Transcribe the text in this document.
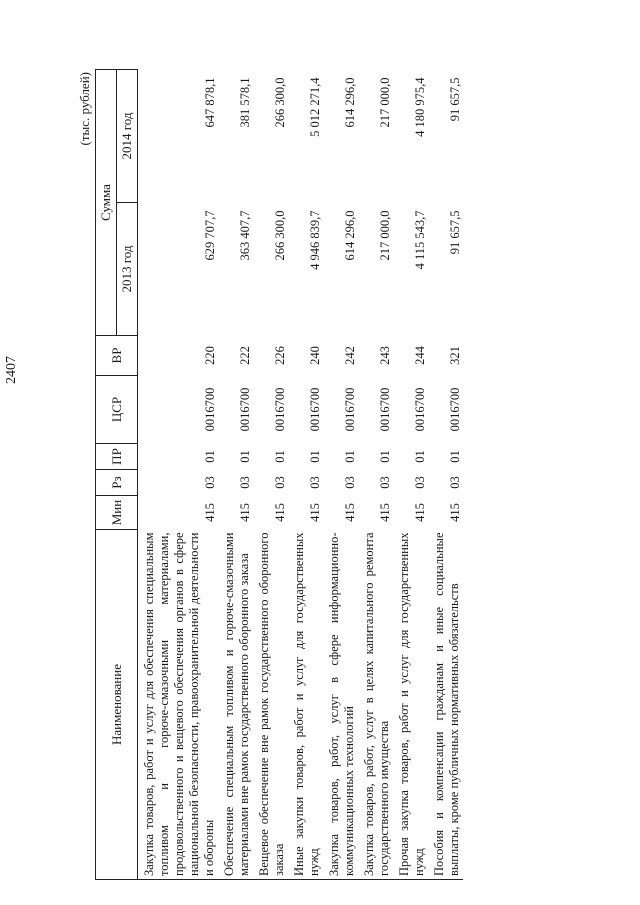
2407
(тыс. рублей)
Наименование	Мин	Рз	ПР	ЦСР	ВР	Сумма	
						2013 год	2014 год
Закупка товаров, работ и услуг для обеспечения специальным топливом и горюче-смазочными материалами, продовольственного и вещевого обеспечения органов в сфере национальной безопасности, правоохранительной деятельности и обороны	415	03	01	0016700	220	629 707,7	647 878,1
Обеспечение специальным топливом и горюче-смазочными материалами вне рамок государственного оборонного заказа	415	03	01	0016700	222	363 407,7	381 578,1
Вещевое обеспечение вне рамок государственного оборонного заказа	415	03	01	0016700	226	266 300,0	266 300,0
Иные закупки товаров, работ и услуг для государственных нужд	415	03	01	0016700	240	4 946 839,7	5 012 271,4
Закупка товаров, работ, услуг в сфере информационно-коммуникационных технологий	415	03	01	0016700	242	614 296,0	614 296,0
Закупка товаров, работ, услуг в целях капитального ремонта государственного имущества	415	03	01	0016700	243	217 000,0	217 000,0
Прочая закупка товаров, работ и услуг для государственных нужд	415	03	01	0016700	244	4 115 543,7	4 180 975,4
Пособия и компенсации гражданам и иные социальные выплаты, кроме публичных нормативных обязательств	415	03	01	0016700	321	91 657,5	91 657,5
